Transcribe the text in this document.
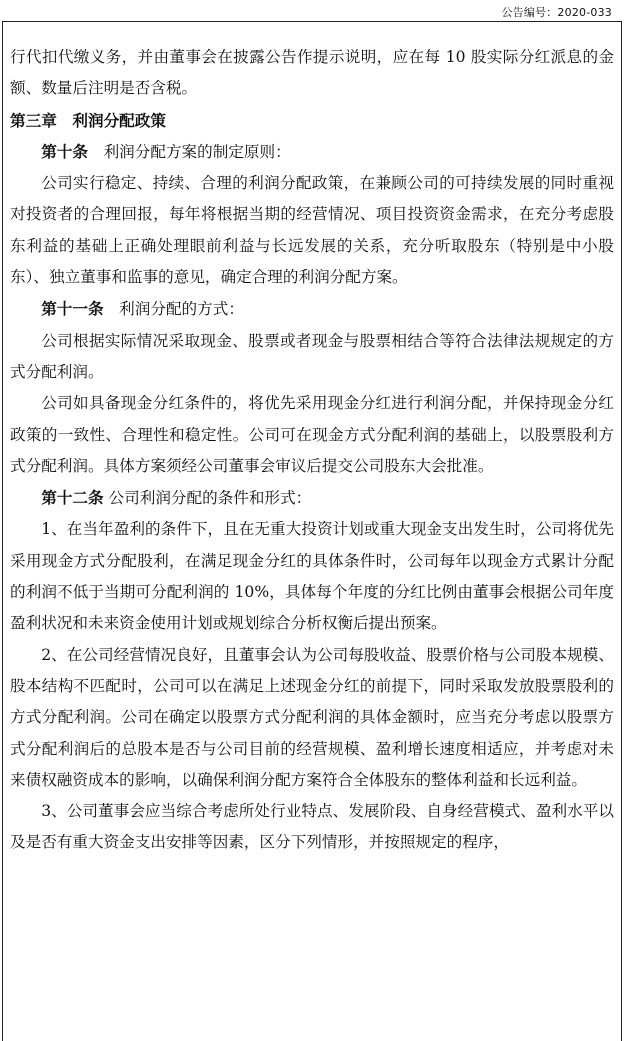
公告编号：2020-033

行代扣代缴义务，并由董事会在披露公告作提示说明，应在每 10 股实际分红派息的金额、数量后注明是否含税。

第三章　利润分配政策

第十条　利润分配方案的制定原则：

公司实行稳定、持续、合理的利润分配政策，在兼顾公司的可持续发展的同时重视对投资者的合理回报，每年将根据当期的经营情况、项目投资资金需求，在充分考虑股东利益的基础上正确处理眼前利益与长远发展的关系，充分听取股东（特别是中小股东）、独立董事和监事的意见，确定合理的利润分配方案。

第十一条　利润分配的方式：

公司根据实际情况采取现金、股票或者现金与股票相结合等符合法律法规规定的方式分配利润。

公司如具备现金分红条件的，将优先采用现金分红进行利润分配，并保持现金分红政策的一致性、合理性和稳定性。公司可在现金方式分配利润的基础上，以股票股利方式分配利润。具体方案须经公司董事会审议后提交公司股东大会批准。

第十二条 公司利润分配的条件和形式：

1、在当年盈利的条件下，且在无重大投资计划或重大现金支出发生时，公司将优先采用现金方式分配股利，在满足现金分红的具体条件时，公司每年以现金方式累计分配的利润不低于当期可分配利润的 10%，具体每个年度的分红比例由董事会根据公司年度盈利状况和未来资金使用计划或规划综合分析权衡后提出预案。

2、在公司经营情况良好，且董事会认为公司每股收益、股票价格与公司股本规模、股本结构不匹配时，公司可以在满足上述现金分红的前提下，同时采取发放股票股利的方式分配利润。公司在确定以股票方式分配利润的具体金额时，应当充分考虑以股票方式分配利润后的总股本是否与公司目前的经营规模、盈利增长速度相适应，并考虑对未来债权融资成本的影响，以确保利润分配方案符合全体股东的整体利益和长远利益。

3、公司董事会应当综合考虑所处行业特点、发展阶段、自身经营模式、盈利水平以及是否有重大资金支出安排等因素，区分下列情形，并按照规定的程序，
